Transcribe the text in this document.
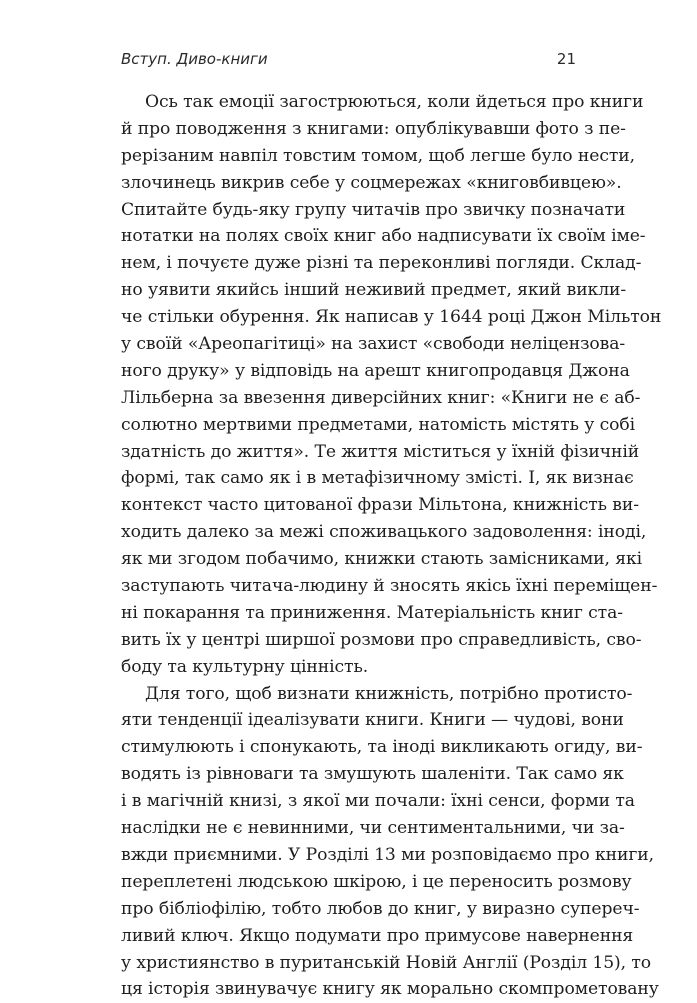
Вступ. Диво-книги	21
Ось так емоції загострюються, коли йдеться про книги
й про поводження з книгами: опублікувавши фото з пе-
рерізаним навпіл товстим томом, щоб легше було нести,
злочинець викрив себе у соцмережах «книговбивцею».
Спитайте будь-яку групу читачів про звичку позначати
нотатки на полях своїх книг або надписувати їх своїм іме-
нем, і почуєте дуже різні та переконливі погляди. Склад-
но уявити якийсь інший неживий предмет, який викли-
че стільки обурення. Як написав у 1644 році Джон Мільтон
у своїй «Ареопагітиці» на захист «свободи неліцензова-
ного друку» у відповідь на арешт книгопродавця Джона
Лільберна за ввезення диверсійних книг: «Книги не є аб-
солютно мертвими предметами, натомість містять у собі
здатність до життя». Те життя міститься у їхній фізичній
формі, так само як і в метафізичному змісті. І, як визнає
контекст часто цитованої фрази Мільтона, книжність ви-
ходить далеко за межі споживацького задоволення: іноді,
як ми згодом побачимо, книжки стають замісниками, які
заступають читача-людину й зносять якісь їхні переміщен-
ні покарання та приниження. Матеріальність книг ста-
вить їх у центрі ширшої розмови про справедливість, сво-
боду та культурну цінність.
Для того, щоб визнати книжність, потрібно протисто-
яти тенденції ідеалізувати книги. Книги — чудові, вони
стимулюють і спонукають, та іноді викликають огиду, ви-
водять із рівноваги та змушують шаленіти. Так само як
і в магічній книзі, з якої ми почали: їхні сенси, форми та
наслідки не є невинними, чи сентиментальними, чи за-
вжди приємними. У Розділі 13 ми розповідаємо про книги,
переплетені людською шкірою, і це переносить розмову
про бібліофілію, тобто любов до книг, у виразно супереч-
ливий ключ. Якщо подумати про примусове навернення
у християнство в пуританській Новій Англії (Розділ 15), то
ця історія звинувачує книгу як морально скомпрометовану
